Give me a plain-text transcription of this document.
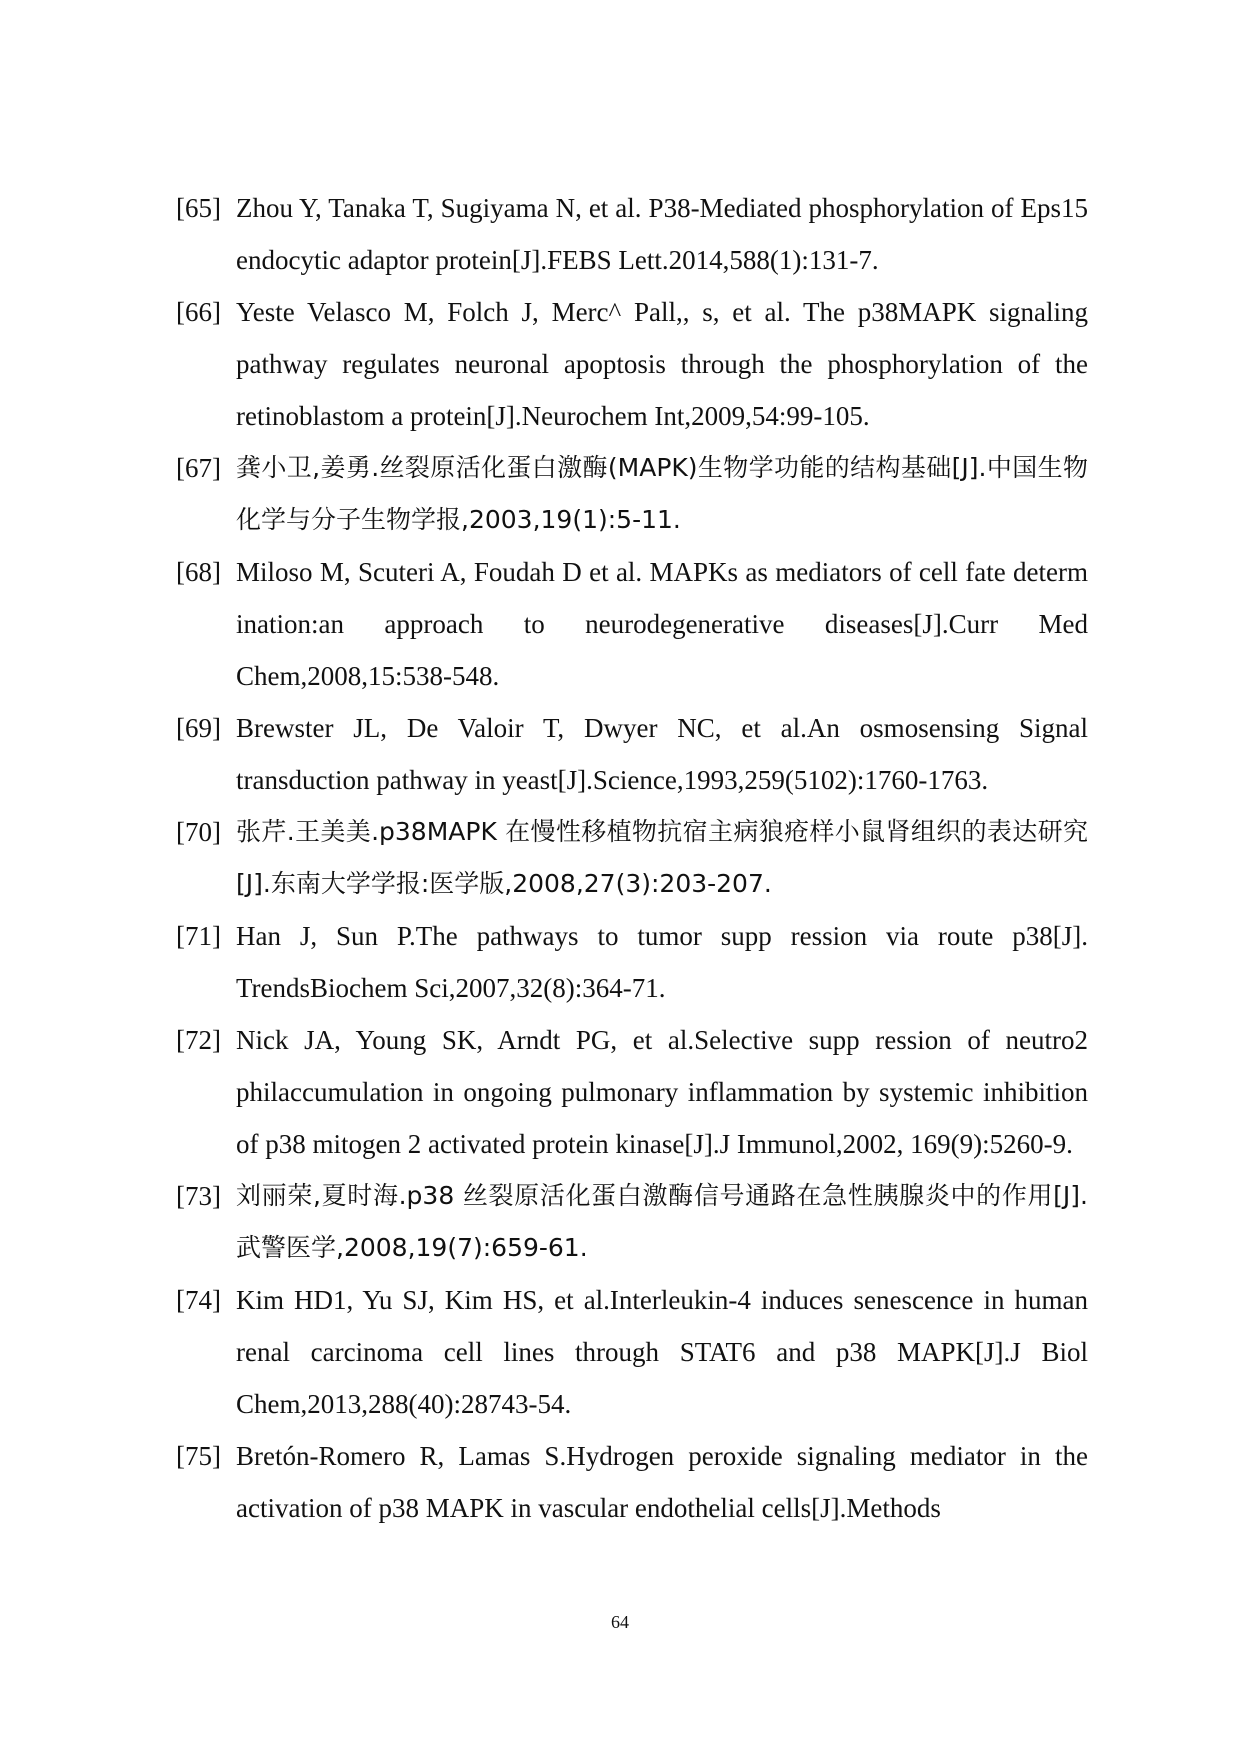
[65] Zhou Y, Tanaka T, Sugiyama N, et al. P38-Mediated phosphorylation of Eps15 endocytic adaptor protein[J].FEBS Lett.2014,588(1):131-7.
[66] Yeste Velasco M, Folch J, Merc^ Pall,, s, et al. The p38MAPK signaling pathway regulates neuronal apoptosis through the phosphorylation of the retinoblastom a protein[J].Neurochem Int,2009,54:99-105.
[67] 龚小卫,姜勇.丝裂原活化蛋白激酶(MAPK)生物学功能的结构基础[J].中国生物化学与分子生物学报,2003,19(1):5-11.
[68] Miloso M, Scuteri A, Foudah D et al. MAPKs as mediators of cell fate determ ination:an approach to neurodegenerative diseases[J].Curr Med Chem,2008,15:538-548.
[69] Brewster JL, De Valoir T, Dwyer NC, et al.An osmosensing Signal transduction pathway in yeast[J].Science,1993,259(5102):1760-1763.
[70] 张芹.王美美.p38MAPK 在慢性移植物抗宿主病狼疮样小鼠肾组织的表达研究[J].东南大学学报:医学版,2008,27(3):203-207.
[71] Han J, Sun P.The pathways to tumor supp ression via route p38[J]. TrendsBiochem Sci,2007,32(8):364-71.
[72] Nick JA, Young SK, Arndt PG, et al.Selective supp ression of neutro2 philaccumulation in ongoing pulmonary inflammation by systemic inhibition of p38 mitogen 2 activated protein kinase[J].J Immunol,2002, 169(9):5260-9.
[73] 刘丽荣,夏时海.p38 丝裂原活化蛋白激酶信号通路在急性胰腺炎中的作用[J].武警医学,2008,19(7):659-61.
[74] Kim HD1, Yu SJ, Kim HS, et al.Interleukin-4 induces senescence in human renal carcinoma cell lines through STAT6 and p38 MAPK[J].J Biol Chem,2013,288(40):28743-54.
[75] Bretón-Romero R, Lamas S.Hydrogen peroxide signaling mediator in the activation of p38 MAPK in vascular endothelial cells[J].Methods
64
